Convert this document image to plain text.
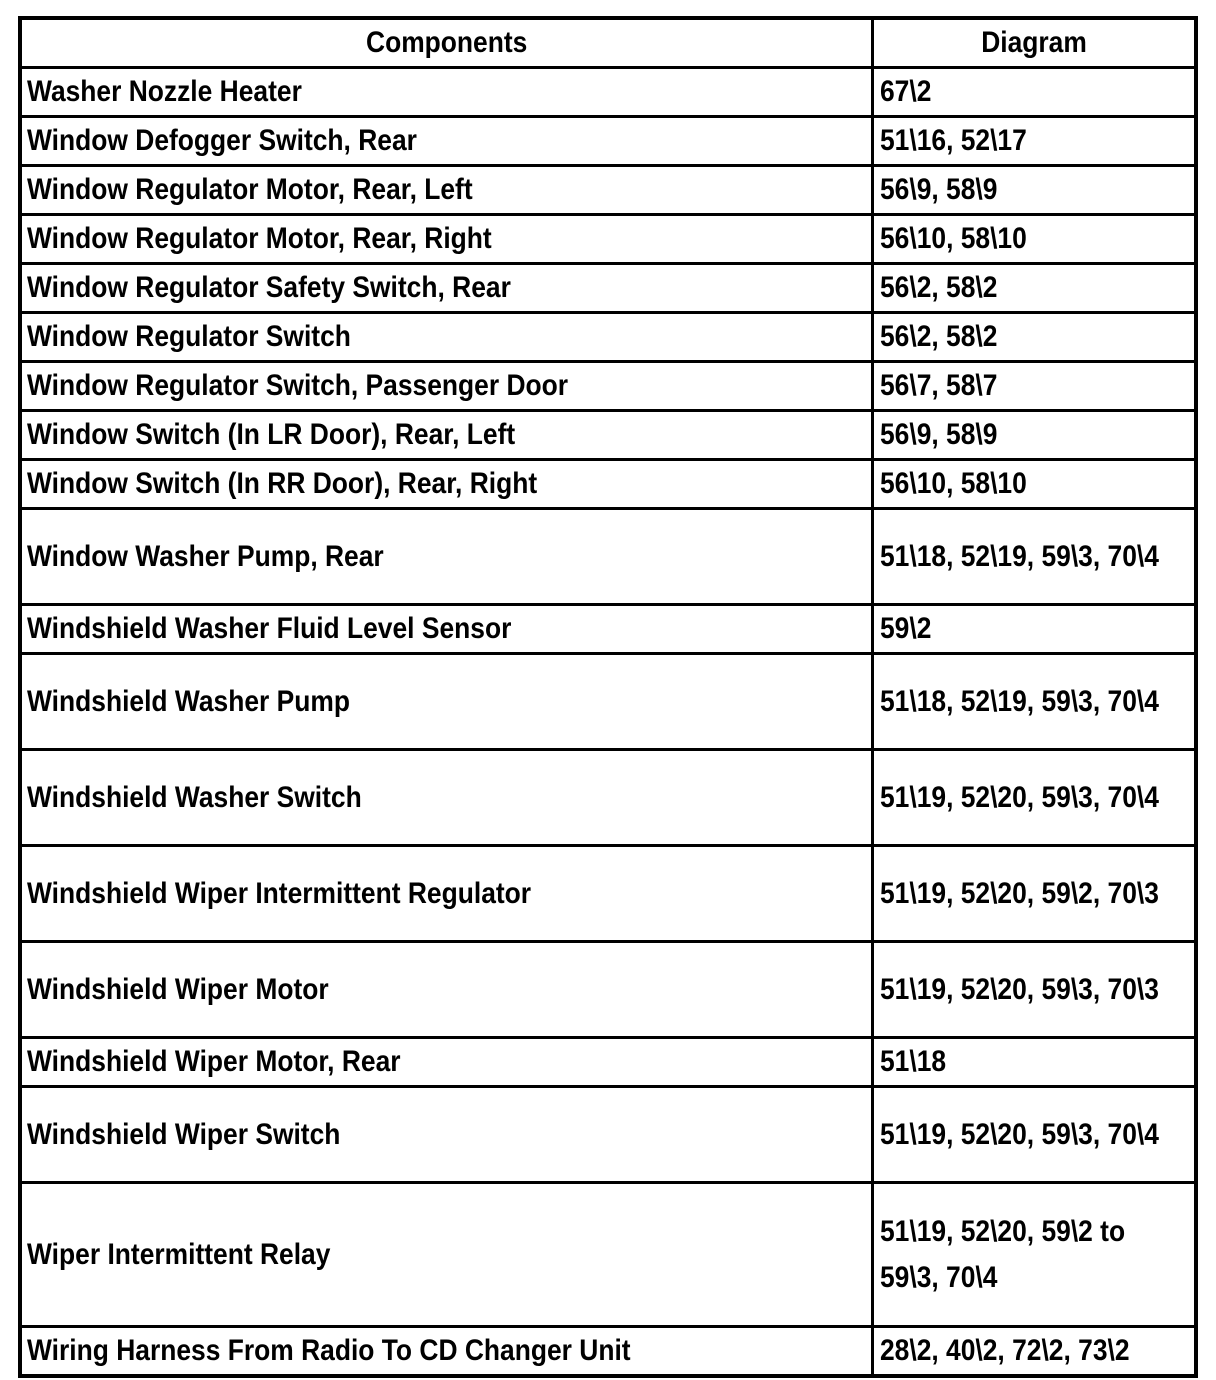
Components	Diagram
Washer Nozzle Heater	67\2
Window Defogger Switch, Rear	51\16, 52\17
Window Regulator Motor, Rear, Left	56\9, 58\9
Window Regulator Motor, Rear, Right	56\10, 58\10
Window Regulator Safety Switch, Rear	56\2, 58\2
Window Regulator Switch	56\2, 58\2
Window Regulator Switch, Passenger Door	56\7, 58\7
Window Switch (In LR Door), Rear, Left	56\9, 58\9
Window Switch (In RR Door), Rear, Right	56\10, 58\10
Window Washer Pump, Rear	51\18, 52\19, 59\3, 70\4
Windshield Washer Fluid Level Sensor	59\2
Windshield Washer Pump	51\18, 52\19, 59\3, 70\4
Windshield Washer Switch	51\19, 52\20, 59\3, 70\4
Windshield Wiper Intermittent Regulator	51\19, 52\20, 59\2, 70\3
Windshield Wiper Motor	51\19, 52\20, 59\3, 70\3
Windshield Wiper Motor, Rear	51\18
Windshield Wiper Switch	51\19, 52\20, 59\3, 70\4
Wiper Intermittent Relay	51\19, 52\20, 59\2 to 59\3, 70\4
Wiring Harness From Radio To CD Changer Unit	28\2, 40\2, 72\2, 73\2
